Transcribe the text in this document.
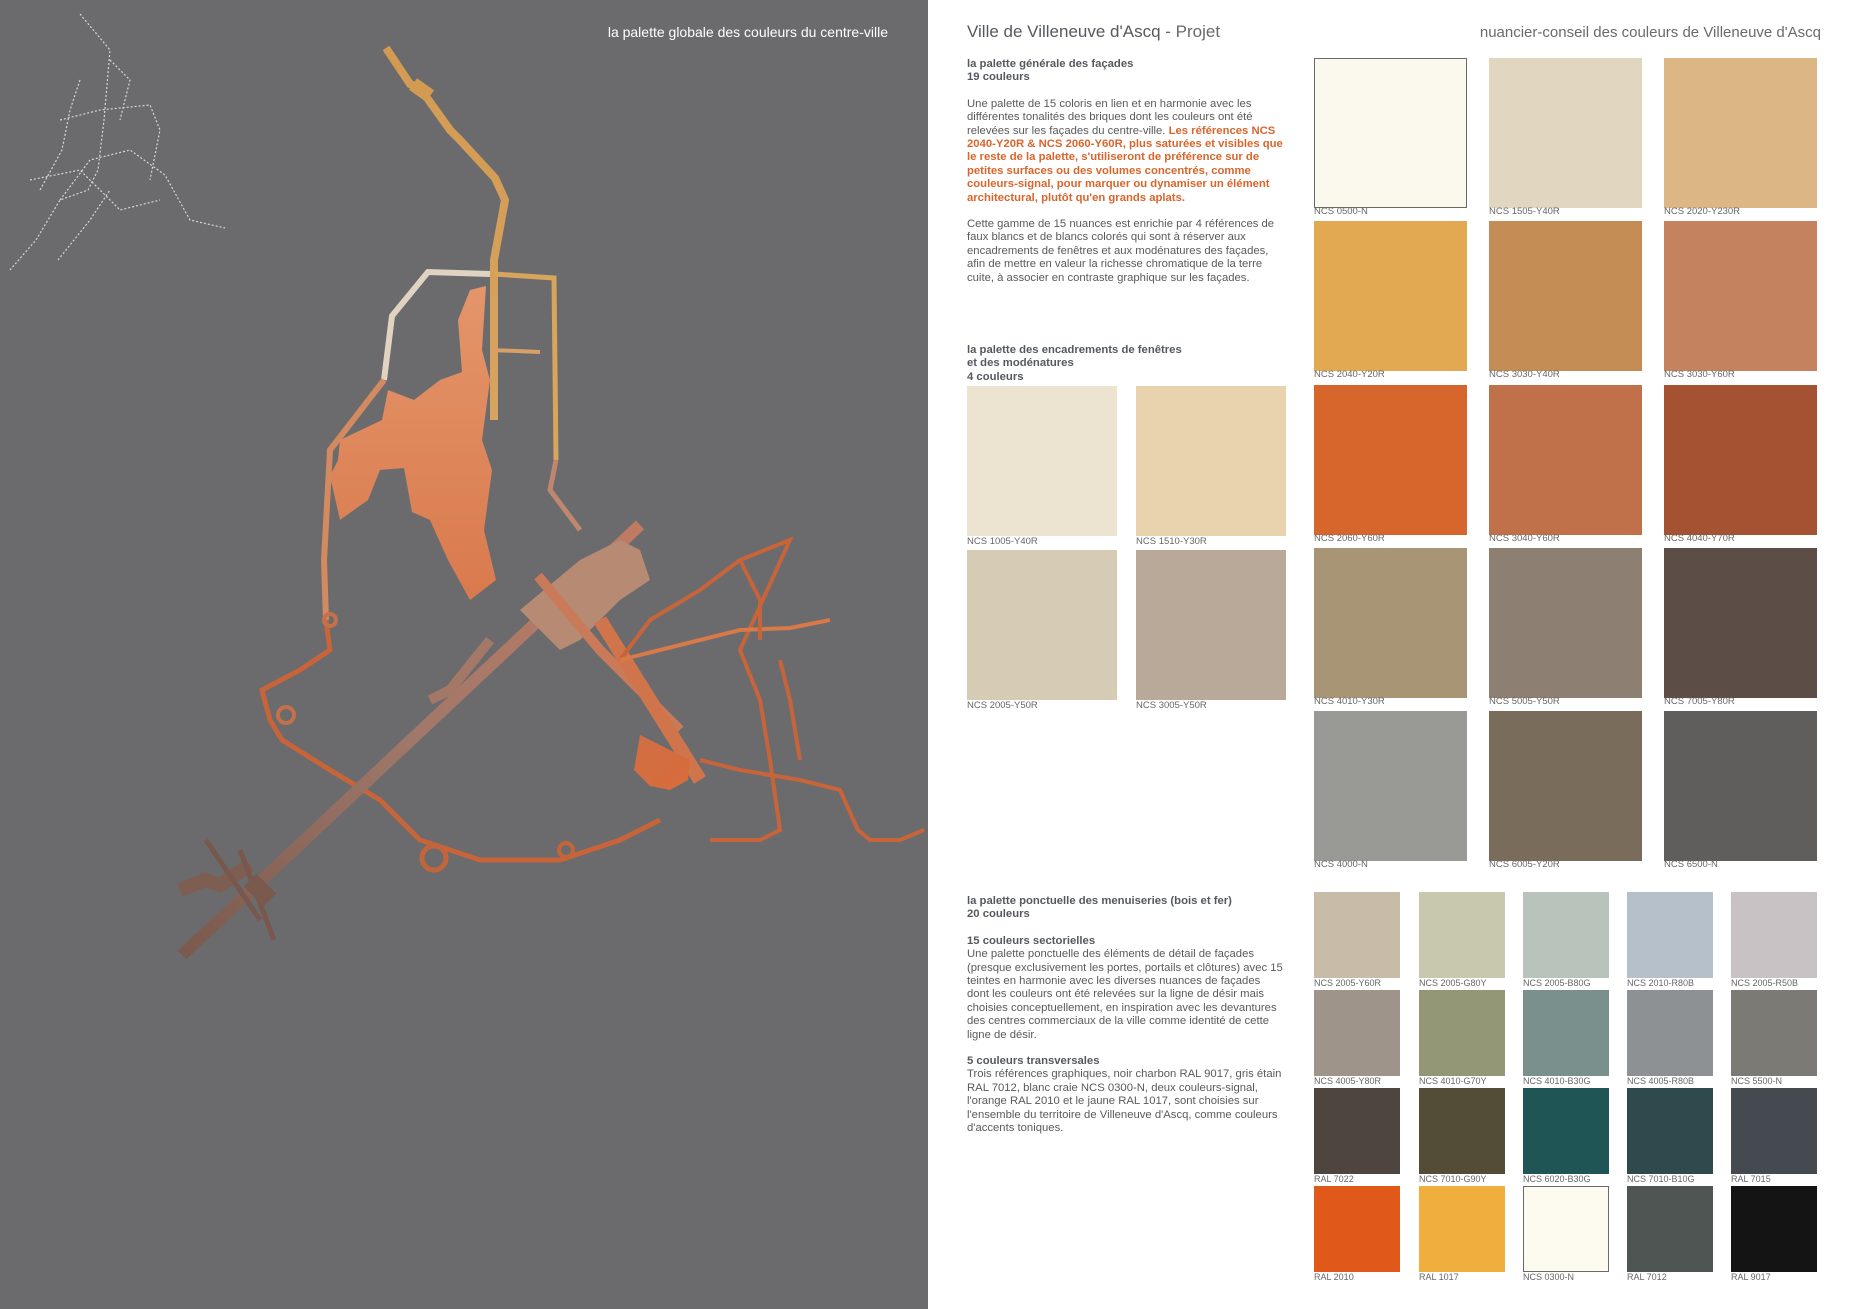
la palette globale des couleurs du centre-ville	Ville de Villeneuve d'Ascq - Projet	nuancier-conseil des couleurs de Villeneuve d'Ascq

la palette générale des façades
19 couleurs

Une palette de 15 coloris en lien et en harmonie avec les différentes tonalités des briques dont les couleurs ont été relevées sur les façades du centre-ville. Les références NCS 2040-Y20R & NCS 2060-Y60R, plus saturées et visibles que le reste de la palette, s'utiliseront de préférence sur de petites surfaces ou des volumes concentrés, comme couleurs-signal, pour marquer ou dynamiser un élément architectural, plutôt qu'en grands aplats.

Cette gamme de 15 nuances est enrichie par 4 références de faux blancs et de blancs colorés qui sont à réserver aux encadrements de fenêtres et aux modénatures des façades, afin de mettre en valeur la richesse chromatique de la terre cuite, à associer en contraste graphique sur les façades.

la palette des encadrements de fenêtres
et des modénatures
4 couleurs
NCS 1005-Y40R	NCS 1510-Y30R
NCS 2005-Y50R	NCS 3005-Y50R
NCS 0500-N	NCS 1505-Y40R	NCS 2020-Y230R
NCS 2040-Y20R	NCS 3030-Y40R	NCS 3030-Y60R
NCS 2060-Y60R	NCS 3040-Y60R	NCS 4040-Y70R
NCS 4010-Y30R	NCS 5005-Y50R	NCS 7005-Y80R
NCS 4000-N	NCS 6005-Y20R	NCS 6500-N

la palette ponctuelle des menuiseries (bois et fer)
20 couleurs

15 couleurs sectorielles
Une palette ponctuelle des éléments de détail de façades (presque exclusivement les portes, portails et clôtures) avec 15 teintes en harmonie avec les diverses nuances de façades dont les couleurs ont été relevées sur la ligne de désir mais choisies conceptuellement, en inspiration avec les devantures des centres commerciaux de la ville comme identité de cette ligne de désir.

5 couleurs transversales
Trois références graphiques, noir charbon RAL 9017, gris étain RAL 7012, blanc craie NCS 0300-N, deux couleurs-signal, l'orange RAL 2010 et le jaune RAL 1017, sont choisies sur l'ensemble du territoire de Villeneuve d'Ascq, comme couleurs d'accents toniques.

NCS 2005-Y60R	NCS 2005-G80Y	NCS 2005-B80G	NCS 2010-R80B	NCS 2005-R50B
NCS 4005-Y80R	NCS 4010-G70Y	NCS 4010-B30G	NCS 4005-R80B	NCS 5500-N
RAL 7022	NCS 7010-G90Y	NCS 6020-B30G	NCS 7010-B10G	RAL 7015
RAL 2010	RAL 1017	NCS 0300-N	RAL 7012	RAL 9017
